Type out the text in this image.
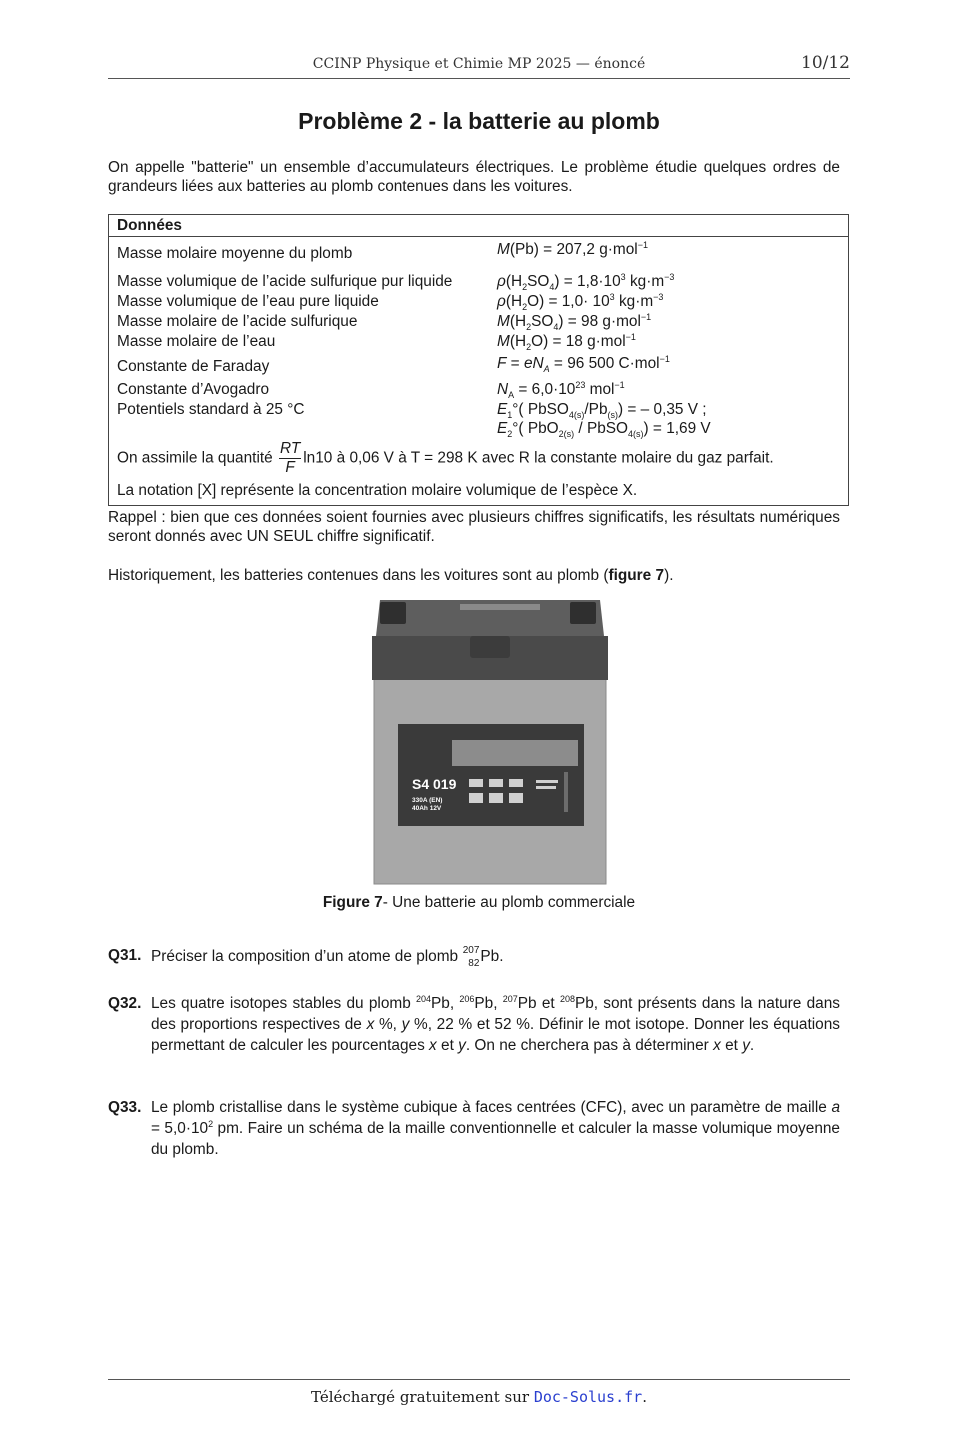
CCINP Physique et Chimie MP 2025 — énoncé	10/12
Problème 2 - la batterie au plomb

On appelle "batterie" un ensemble d’accumulateurs électriques. Le problème étudie quelques ordres de grandeurs liées aux batteries au plomb contenues dans les voitures.

Données
Masse molaire moyenne du plomb	M(Pb) = 207,2 g·mol$^{-1}$
Masse volumique de l’acide sulfurique pur liquide	$\rho(H_2SO_4) = 1,8\cdot 10^3$ $kg\cdot m^{-3}$
Masse volumique de l’eau pure liquide	$\rho(H_2O) = 1,0\cdot 10^3$ $kg\cdot m^{-3}$
Masse molaire de l’acide sulfurique	$M(H_2SO_4) = 98$ g·mol$^{-1}$
Masse molaire de l’eau	$M(H_2O) = 18$ g·mol$^{-1}$
Constante de Faraday	$F = eN_A = 96$ 500 C·mol$^{-1}$
Constante d’Avogadro	$N_A = 6,0\cdot 10^{23}$ mol$^{-1}$
Potentiels standard à 25 °C	$E_1^\circ$( $PbSO_{4(s)}/Pb_{(s)}$) = – 0,35 V ;
$E_2^\circ$( PbO$_{2(s)}$ / PbSO$_{4(s)}$) = 1,69 V
On assimile la quantité $\frac{RT}{F} \ln 10$ à 0,06 V à T = 298 K avec R la constante molaire du gaz parfait.
La notation [X] représente la concentration molaire volumique de l’espèce X.

Rappel : bien que ces données soient fournies avec plusieurs chiffres significatifs, les résultats numériques seront donnés avec UN SEUL chiffre significatif.

Historiquement, les batteries contenues dans les voitures sont au plomb (figure 7).

S4 019
330A (EN)
40Ah 12V
Figure 7- Une batterie au plomb commerciale
Q31. Préciser la composition d’un atome de plomb 207
82 Pb.
Q32. Les quatre isotopes stables du plomb $^{204}$Pb, $^{206}$Pb, $^{207}$Pb et $^{208}$Pb, sont présents dans la nature dans des proportions respectives de x %, y %, 22 % et 52 %. Définir le mot isotope. Donner les équations permettant de calculer les pourcentages x et y. On ne cherchera pas à déterminer x et y.
Q33. Le plomb cristallise dans le système cubique à faces centrées (CFC), avec un paramètre de maille $a = 5,0\cdot 10^2$ pm. Faire un schéma de la maille conventionnelle et calculer la masse volumique moyenne du plomb.
Téléchargé gratuitement sur Doc-Solus.fr.
